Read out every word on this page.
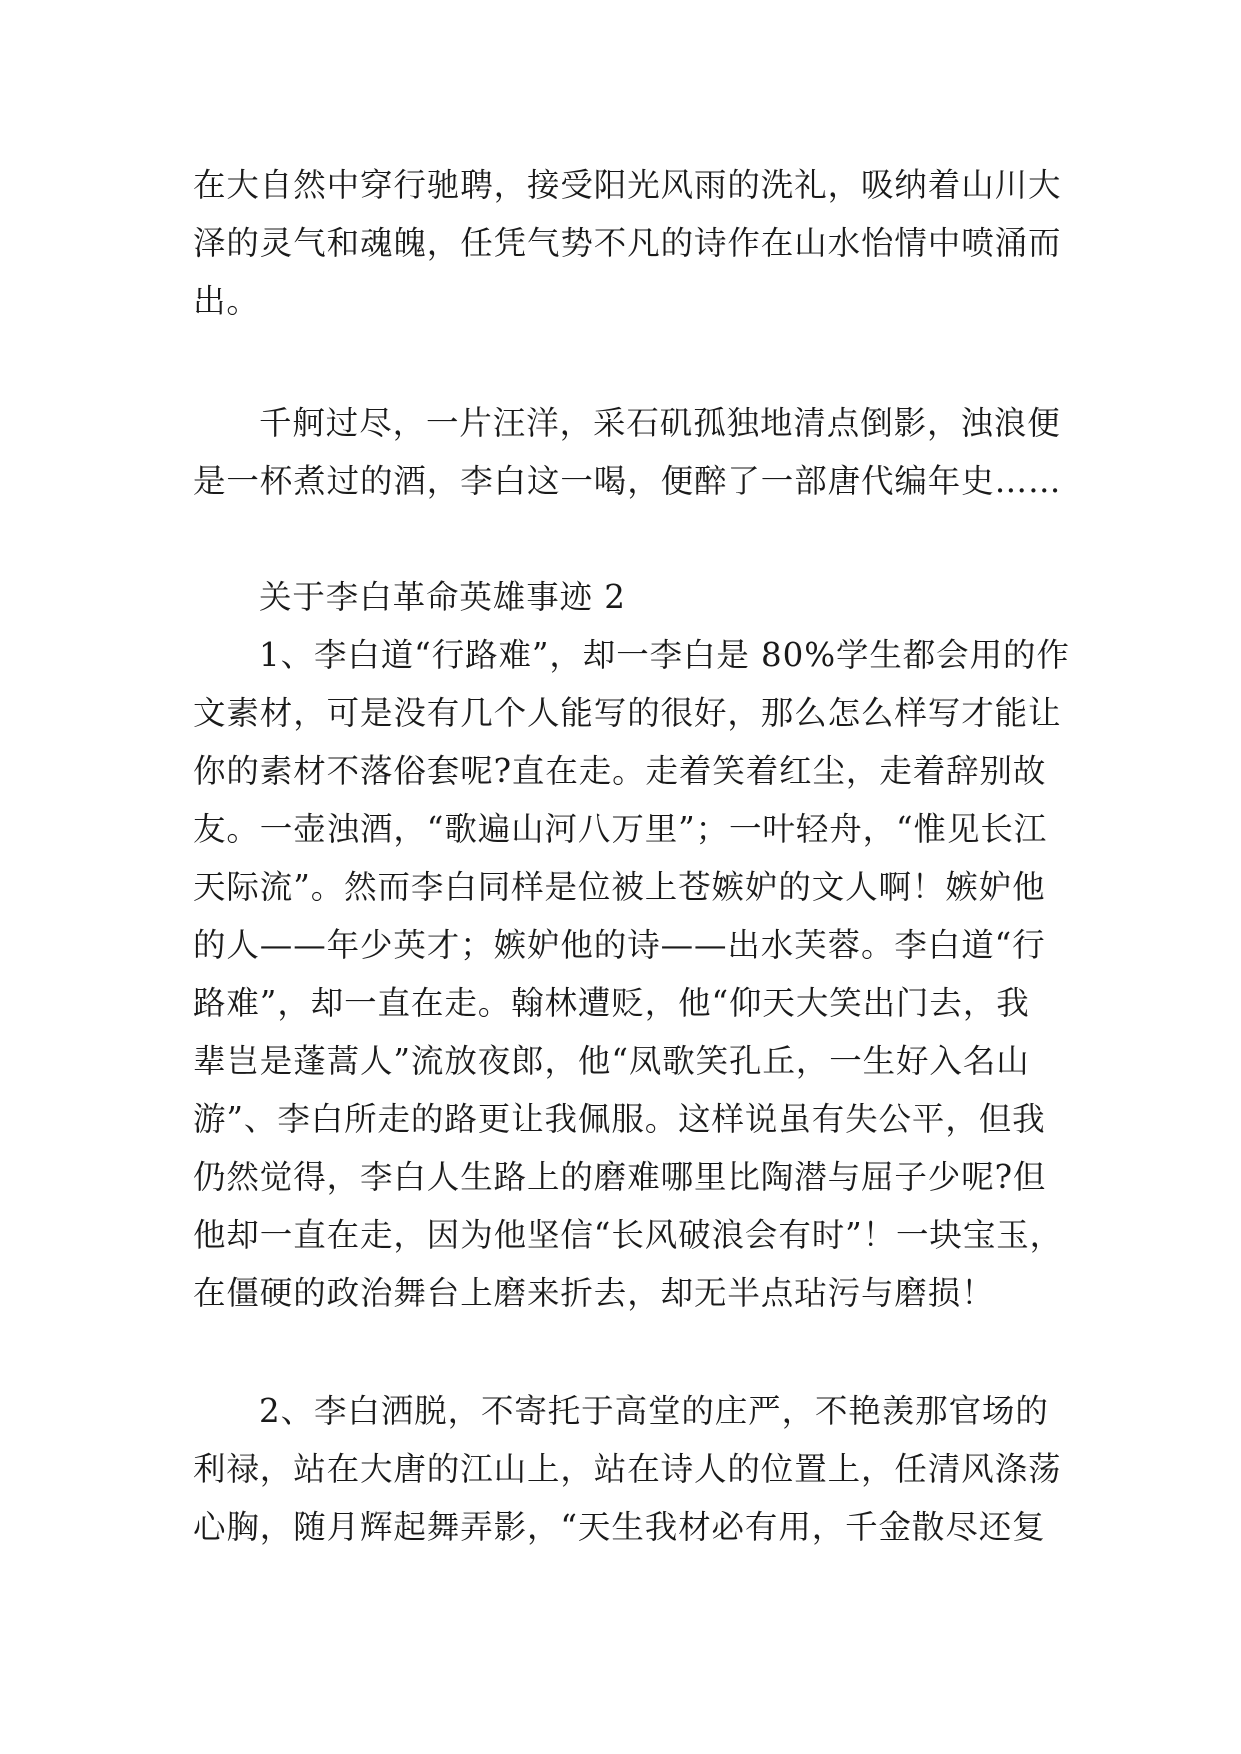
在大自然中穿行驰聘，接受阳光风雨的洗礼，吸纳着山川大
泽的灵气和魂魄，任凭气势不凡的诗作在山水怡情中喷涌而
出。
千舸过尽，一片汪洋，采石矶孤独地清点倒影，浊浪便
是一杯煮过的酒，李白这一喝，便醉了一部唐代编年史……
关于李白革命英雄事迹 2
1、李白道“行路难”，却一李白是 80%学生都会用的作
文素材，可是没有几个人能写的很好，那么怎么样写才能让
你的素材不落俗套呢?直在走。走着笑着红尘，走着辞别故
友。一壶浊酒，“歌遍山河八万里”；一叶轻舟，“惟见长江
天际流”。然而李白同样是位被上苍嫉妒的文人啊！嫉妒他
的人——年少英才；嫉妒他的诗——出水芙蓉。李白道“行
路难”，却一直在走。翰林遭贬，他“仰天大笑出门去，我
辈岂是蓬蒿人”流放夜郎，他“凤歌笑孔丘，一生好入名山
游”、李白所走的路更让我佩服。这样说虽有失公平，但我
仍然觉得，李白人生路上的磨难哪里比陶潜与屈子少呢?但
他却一直在走，因为他坚信“长风破浪会有时”！一块宝玉，
在僵硬的政治舞台上磨来折去，却无半点玷污与磨损！
2、李白洒脱，不寄托于高堂的庄严，不艳羡那官场的
利禄，站在大唐的江山上，站在诗人的位置上，任清风涤荡
心胸，随月辉起舞弄影，“天生我材必有用，千金散尽还复
